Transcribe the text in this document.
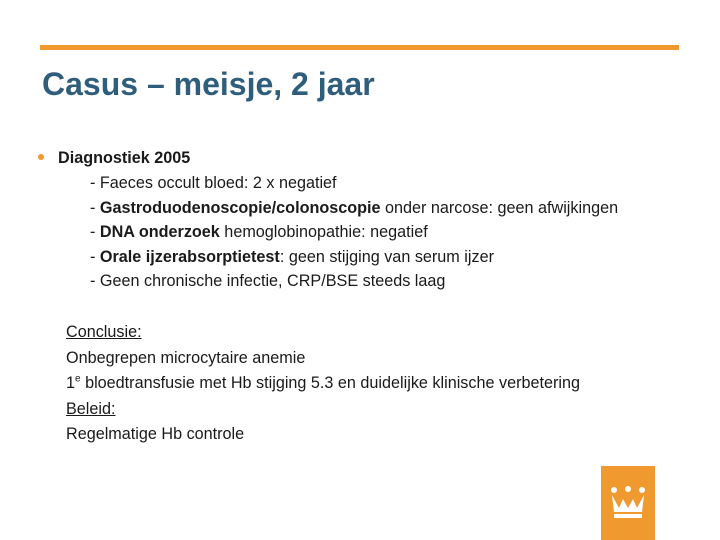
Casus – meisje, 2 jaar
Diagnostiek 2005
- Faeces occult bloed: 2 x negatief
- Gastroduodenoscopie/colonoscopie onder narcose: geen afwijkingen
- DNA onderzoek hemoglobinopathie: negatief
- Orale ijzerabsorptietest: geen stijging van serum ijzer
- Geen chronische infectie, CRP/BSE steeds laag
Conclusie:
Onbegrepen microcytaire anemie
1e bloedtransfusie met Hb stijging 5.3 en duidelijke klinische verbetering
Beleid:
Regelmatige Hb controle
